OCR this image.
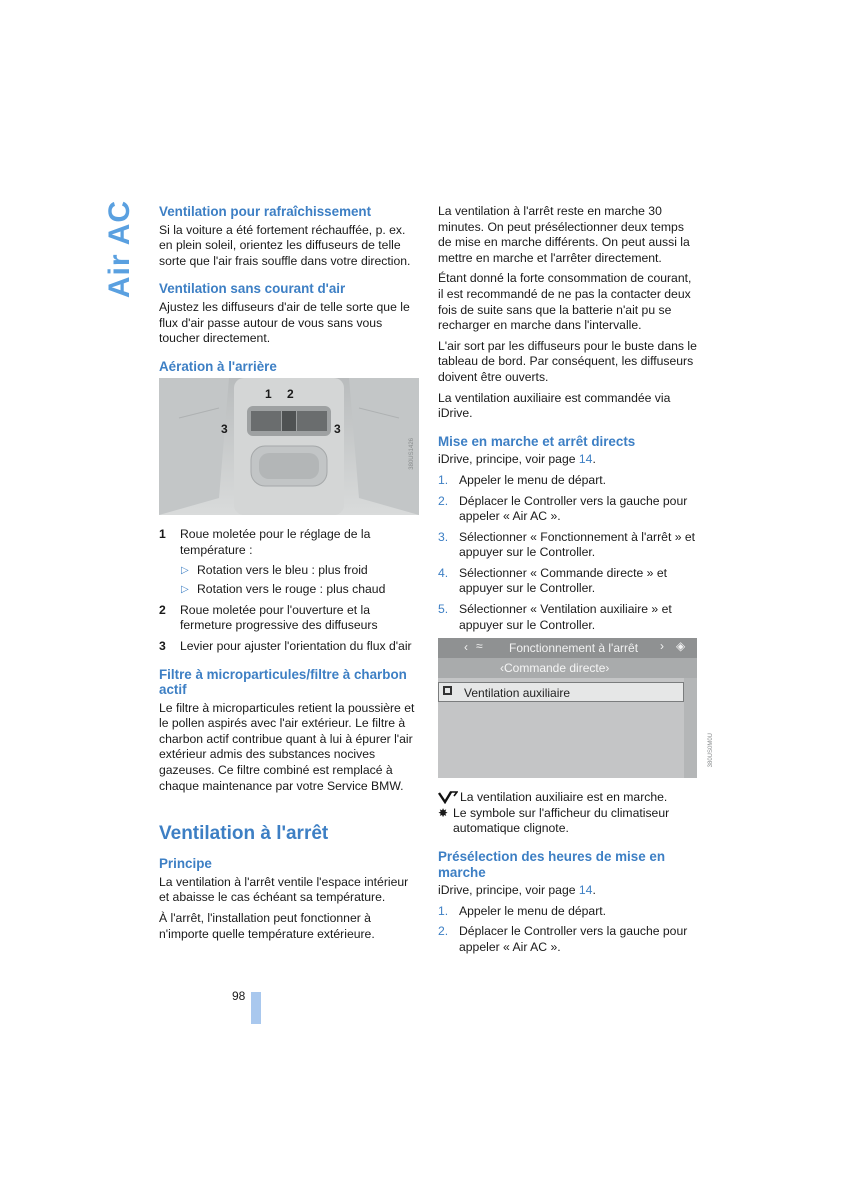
Air AC Ventilation pour rafraîchissement

Si la voiture a été fortement réchauffée, p. ex. en plein soleil, orientez les diffuseurs de telle sorte que l'air frais souffle dans votre direction.

Ventilation sans courant d'air

Ajustez les diffuseurs d'air de telle sorte que le flux d'air passe autour de vous sans vous toucher directement.

Aération à l'arrière
1 2
3	3
380US1426
1 Roue moletée pour le réglage de la température :
▷ Rotation vers le bleu : plus froid
▷ Rotation vers le rouge : plus chaud
2 Roue moletée pour l'ouverture et la fermeture progressive des diffuseurs
3 Levier pour ajuster l'orientation du flux d'air
Filtre à microparticules/filtre à charbon actif

Le filtre à microparticules retient la poussière et le pollen aspirés avec l'air extérieur. Le filtre à charbon actif contribue quant à lui à épurer l'air extérieur admis des substances nocives gazeuses. Ce filtre combiné est remplacé à chaque maintenance par votre Service BMW.

Ventilation à l'arrêt
Principe

La ventilation à l'arrêt ventile l'espace intérieur et abaisse le cas échéant sa température.

À l'arrêt, l'installation peut fonctionner à n'importe quelle température extérieure.

La ventilation à l'arrêt reste en marche 30 minutes. On peut présélectionner deux temps de mise en marche différents. On peut aussi la mettre en marche et l'arrêter directement.

Étant donné la forte consommation de courant, il est recommandé de ne pas la contacter deux fois de suite sans que la batterie n'ait pu se recharger en marche dans l'intervalle.

L'air sort par les diffuseurs pour le buste dans le tableau de bord. Par conséquent, les diffuseurs doivent être ouverts.

La ventilation auxiliaire est commandée via iDrive.

Mise en marche et arrêt directs

iDrive, principe, voir page 14.

1. Appeler le menu de départ.
2. Déplacer le Controller vers la gauche pour appeler « Air AC ».
3. Sélectionner « Fonctionnement à l'arrêt » et appuyer sur le Controller.
4. Sélectionner « Commande directe » et appuyer sur le Controller.
5. Sélectionner « Ventilation auxiliaire » et appuyer sur le Controller.
‹ ≈ Fonctionnement à l'arrêt › ◈
‹Commande directe›
Ventilation auxiliaire
380US0M0U

La ventilation auxiliaire est en marche.

✸ Le symbole sur l'afficheur du climatiseur automatique clignote.

Présélection des heures de mise en marche

iDrive, principe, voir page 14.

1. Appeler le menu de départ.
2. Déplacer le Controller vers la gauche pour appeler « Air AC ».
98
